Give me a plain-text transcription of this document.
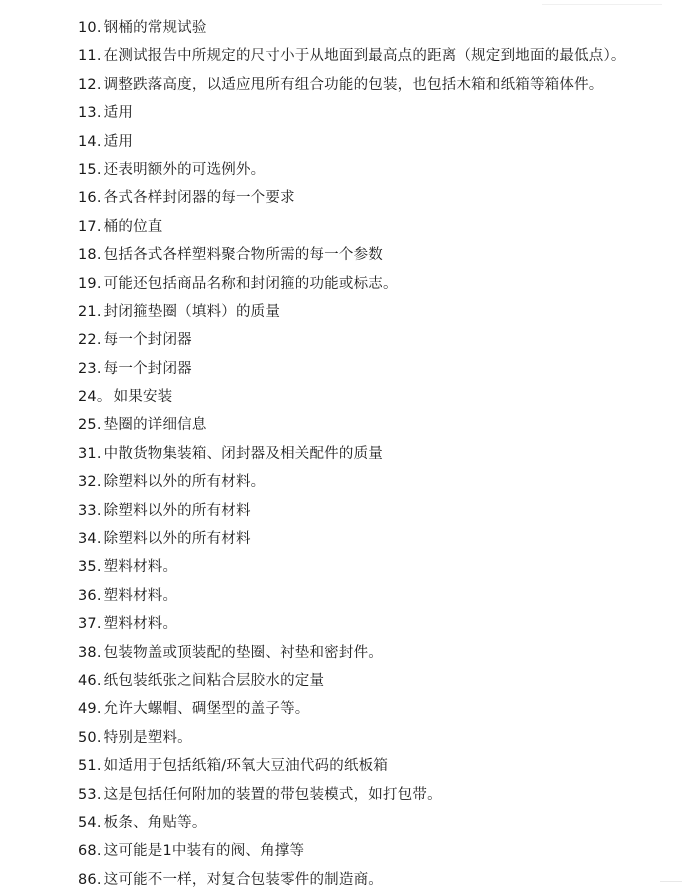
10. 钢桶的常规试验
11. 在测试报告中所规定的尺寸小于从地面到最高点的距离（规定到地面的最低点）。
12. 调整跌落高度，以适应甩所有组合功能的包装，也包括木箱和纸箱等箱体件。
13. 适用
14. 适用
15. 还表明额外的可选例外。
16. 各式各样封闭器的每一个要求
17. 桶的位直
18. 包括各式各样塑料聚合物所需的每一个参数
19. 可能还包括商品名称和封闭箍的功能或标志。
21. 封闭箍垫圈（填料）的质量
22. 每一个封闭器
23. 每一个封闭器
24。 如果安装
25. 垫圈的详细信息
31. 中散货物集装箱、闭封器及相关配件的质量
32. 除塑料以外的所有材料。
33. 除塑料以外的所有材料
34. 除塑料以外的所有材料
35. 塑料材料。
36. 塑料材料。
37. 塑料材料。
38. 包装物盖或顶装配的垫圈、衬垫和密封件。
46. 纸包装纸张之间粘合层胶水的定量
49. 允许大螺帽、碉堡型的盖子等。
50. 特别是塑料。
51. 如适用于包括纸箱/环氧大豆油代码的纸板箱
53. 这是包括任何附加的装置的带包装模式，如打包带。
54. 板条、角贴等。
68. 这可能是1中装有的阀、角撑等
86. 这可能不一样，对复合包装零件的制造商。
